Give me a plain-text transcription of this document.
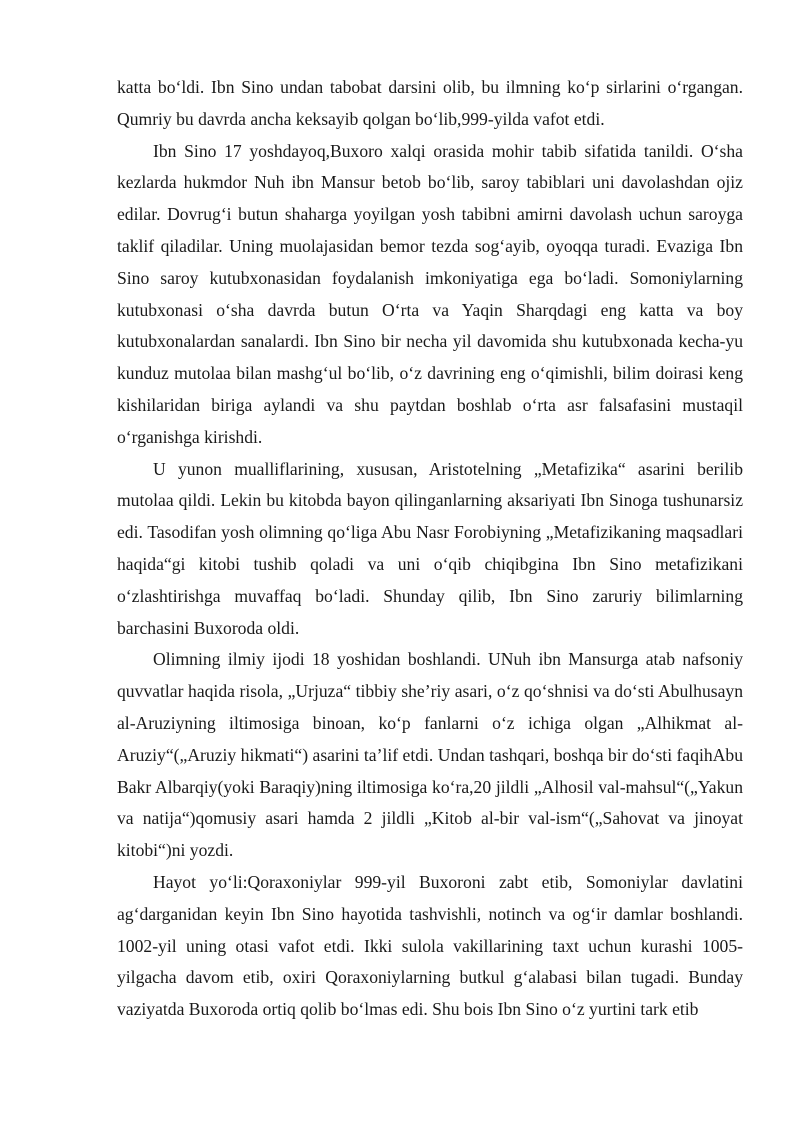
katta bo‘ldi. Ibn Sino undan tabobat darsini olib, bu ilmning ko‘p sirlarini o‘rgangan. Qumriy bu davrda ancha keksayib qolgan bo‘lib,999-yilda vafot etdi.

Ibn Sino 17 yoshdayoq,Buxoro xalqi orasida mohir tabib sifatida tanildi. O‘sha kezlarda hukmdor Nuh ibn Mansur betob bo‘lib, saroy tabiblari uni davolashdan ojiz edilar. Dovrug‘i butun shaharga yoyilgan yosh tabibni amirni davolash uchun saroyga taklif qiladilar. Uning muolajasidan bemor tezda sog‘ayib, oyoqqa turadi. Evaziga Ibn Sino saroy kutubxonasidan foydalanish imkoniyatiga ega bo‘ladi. Somoniylarning kutubxonasi o‘sha davrda butun O‘rta va Yaqin Sharqdagi eng katta va boy kutubxonalardan sanalardi. Ibn Sino bir necha yil davomida shu kutubxonada kecha-yu kunduz mutolaa bilan mashg‘ul bo‘lib, o‘z davrining eng o‘qimishli, bilim doirasi keng kishilaridan biriga aylandi va shu paytdan boshlab o‘rta asr falsafasini mustaqil o‘rganishga kirishdi.

U yunon mualliflarining, xususan, Aristotelning „Metafizika“ asarini berilib mutolaa qildi. Lekin bu kitobda bayon qilinganlarning aksariyati Ibn Sinoga tushunarsiz edi. Tasodifan yosh olimning qo‘liga Abu Nasr Forobiyning „Metafizikaning maqsadlari haqida“gi kitobi tushib qoladi va uni o‘qib chiqibgina Ibn Sino metafizikani o‘zlashtirishga muvaffaq bo‘ladi. Shunday qilib, Ibn Sino zaruriy bilimlarning barchasini Buxoroda oldi.

Olimning ilmiy ijodi 18 yoshidan boshlandi. UNuh ibn Mansurga atab nafsoniy quvvatlar haqida risola, „Urjuza“ tibbiy she’riy asari, o‘z qo‘shnisi va do‘sti Abulhusayn al-Aruziyning iltimosiga binoan, ko‘p fanlarni o‘z ichiga olgan „Alhikmat al-Aruziy“(„Aruziy hikmati“) asarini ta’lif etdi. Undan tashqari, boshqa bir do‘sti faqihAbu Bakr Albarqiy(yoki Baraqiy)ning iltimosiga ko‘ra,20 jildli „Alhosil val-mahsul“(„Yakun va natija“)qomusiy asari hamda 2 jildli „Kitob al-bir val-ism“(„Sahovat va jinoyat kitobi“)ni yozdi.

Hayot yo‘li:Qoraxoniylar 999-yil Buxoroni zabt etib, Somoniylar davlatini ag‘darganidan keyin Ibn Sino hayotida tashvishli, notinch va og‘ir damlar boshlandi. 1002-yil uning otasi vafot etdi. Ikki sulola vakillarining taxt uchun kurashi 1005-yilgacha davom etib, oxiri Qoraxoniylarning butkul g‘alabasi bilan tugadi. Bunday vaziyatda Buxoroda ortiq qolib bo‘lmas edi. Shu bois Ibn Sino o‘z yurtini tark etib
